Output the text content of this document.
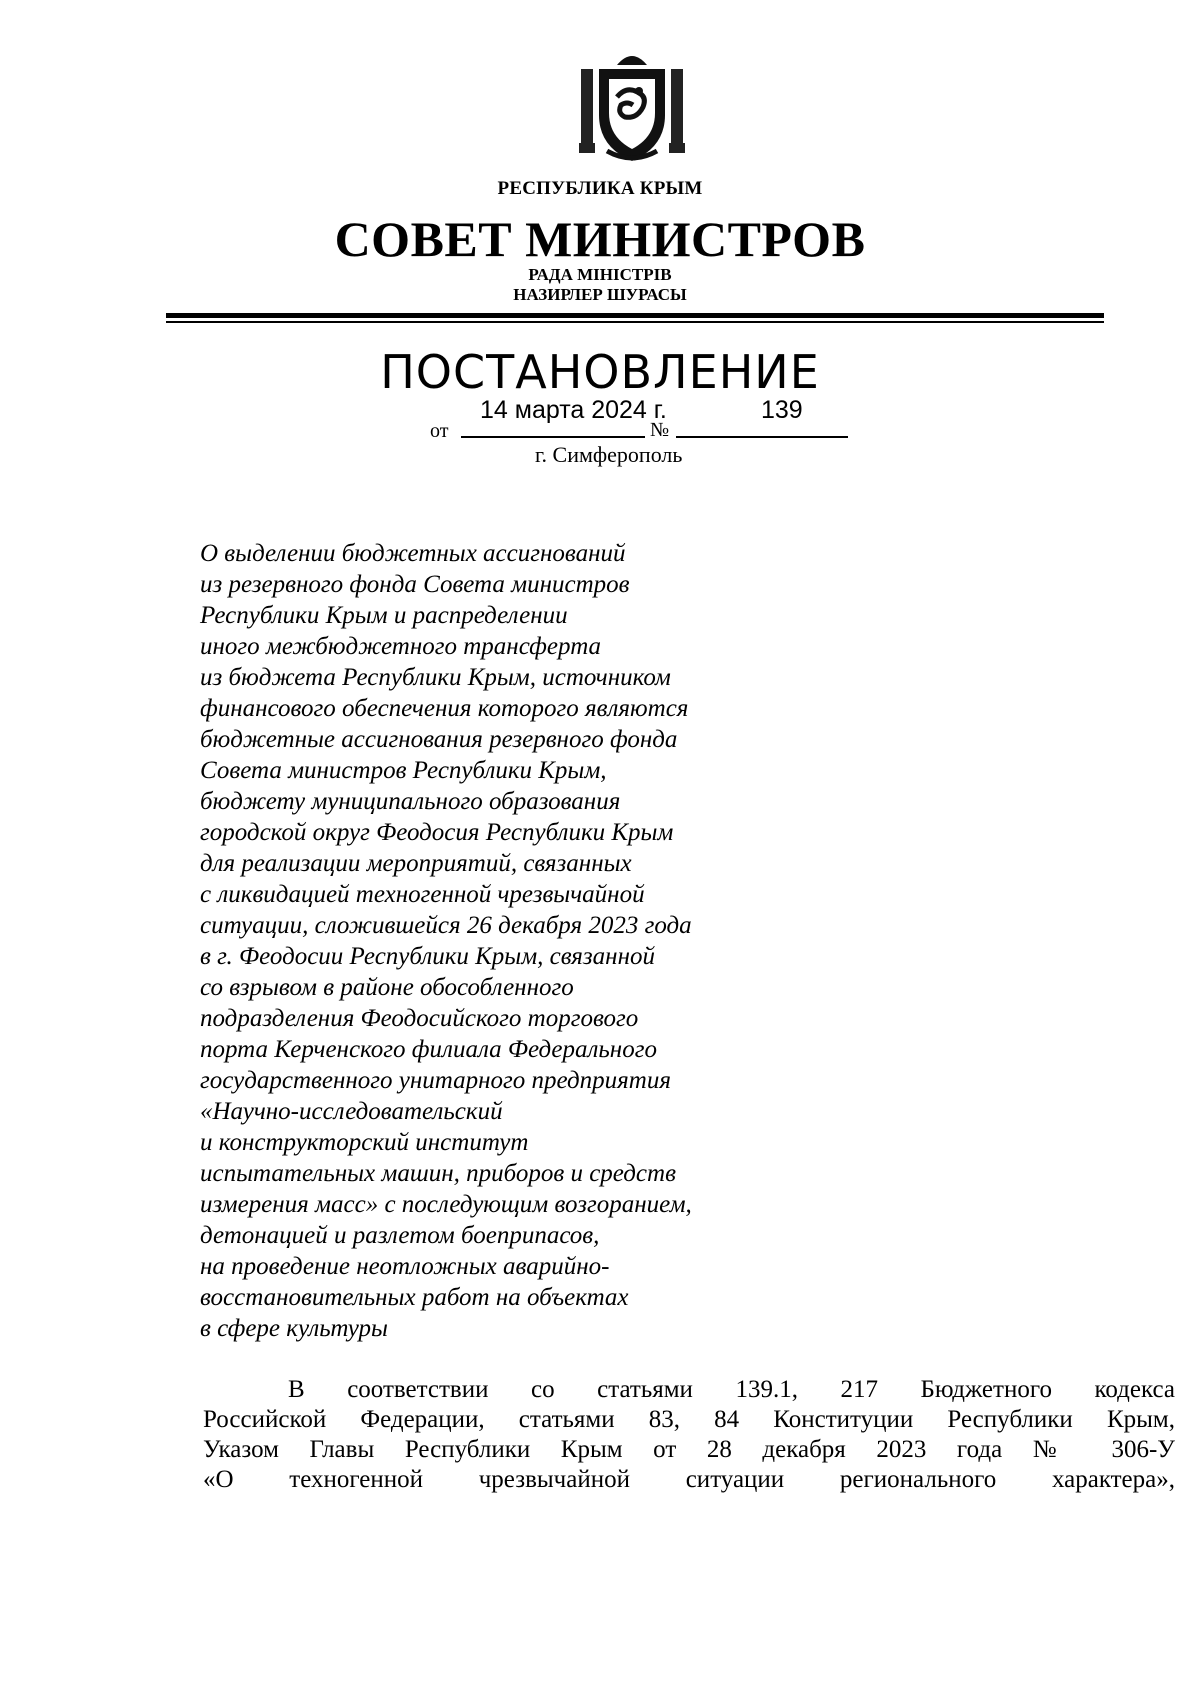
РЕСПУБЛИКА КРЫМ
СОВЕТ МИНИСТРОВ
РАДА МІНІСТРІВ
НАЗИРЛЕР ШУРАСЫ
ПОСТАНОВЛЕНИЕ
от	№
14 марта 2024 г.	139
г. Симферополь
О выделении бюджетных ассигнований
из резервного фонда Совета министров
Республики Крым и распределении
иного межбюджетного трансферта
из бюджета Республики Крым, источником
финансового обеспечения которого являются
бюджетные ассигнования резервного фонда
Совета министров Республики Крым,
бюджету муниципального образования
городской округ Феодосия Республики Крым
для реализации мероприятий, связанных
с ликвидацией техногенной чрезвычайной
ситуации, сложившейся 26 декабря 2023 года
в г. Феодосии Республики Крым, связанной
со взрывом в районе обособленного
подразделения Феодосийского торгового
порта Керченского филиала Федерального
государственного унитарного предприятия
«Научно-исследовательский
и конструкторский институт
испытательных машин, приборов и средств
измерения масс» с последующим возгоранием,
детонацией и разлетом боеприпасов,
на проведение неотложных аварийно-
восстановительных работ на объектах
в сфере культуры
В соответствии со статьями 139.1, 217 Бюджетного кодекса
Российской Федерации, статьями 83, 84 Конституции Республики Крым,
Указом Главы Республики Крым от 28 декабря 2023 года № 306-У
«О техногенной чрезвычайной ситуации регионального характера»,
